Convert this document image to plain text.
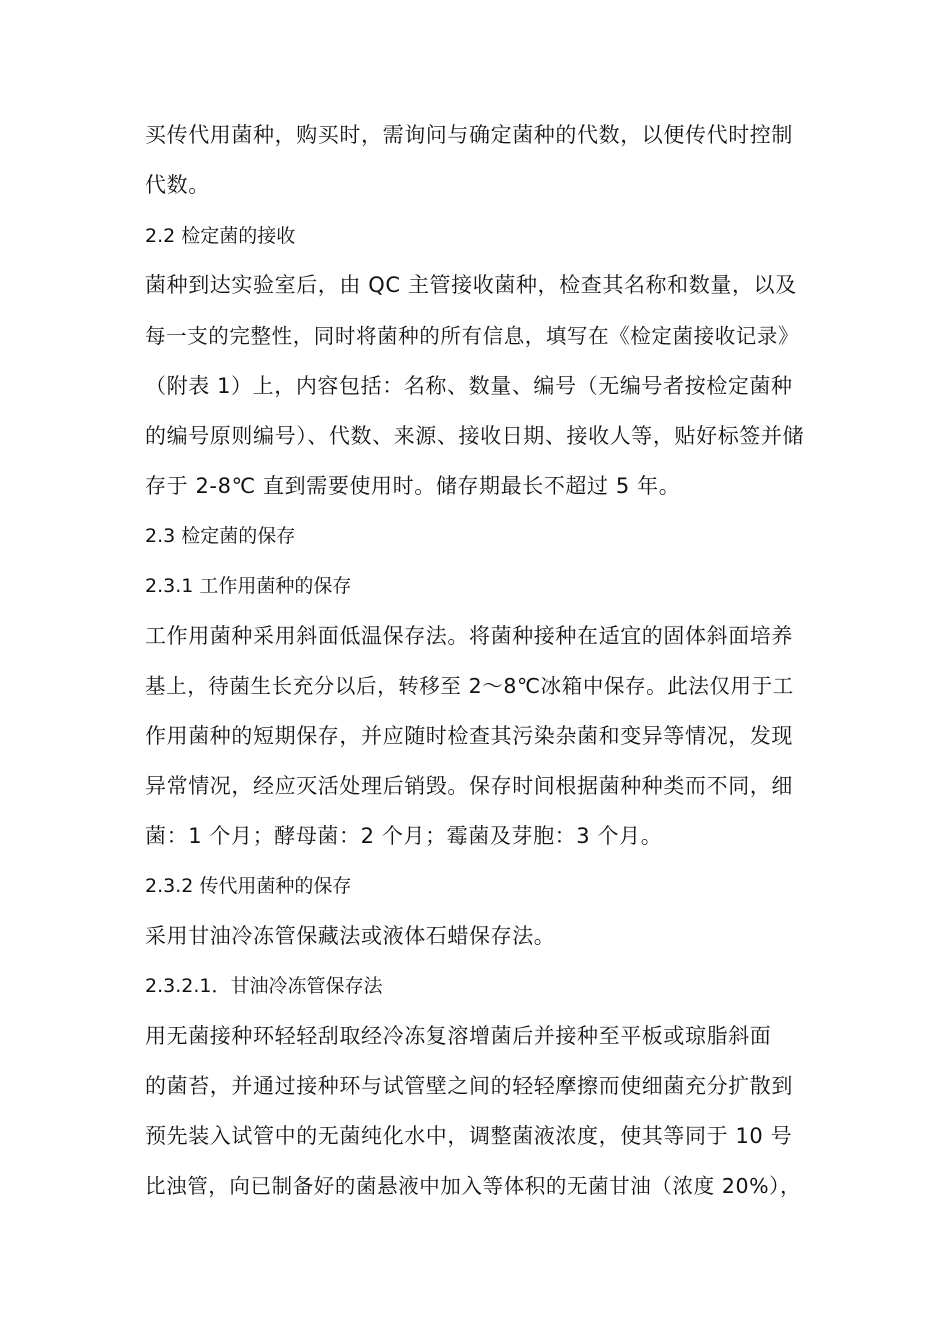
买传代用菌种，购买时，需询问与确定菌种的代数，以便传代时控制
代数。
2.2 检定菌的接收
菌种到达实验室后，由 QC 主管接收菌种，检查其名称和数量，以及
每一支的完整性，同时将菌种的所有信息，填写在《检定菌接收记录》
（附表 1）上，内容包括：名称、数量、编号（无编号者按检定菌种
的编号原则编号）、代数、来源、接收日期、接收人等，贴好标签并储
存于 2-8℃ 直到需要使用时。储存期最长不超过 5 年。
2.3 检定菌的保存
2.3.1 工作用菌种的保存
工作用菌种采用斜面低温保存法。将菌种接种在适宜的固体斜面培养
基上，待菌生长充分以后，转移至 2～8℃冰箱中保存。此法仅用于工
作用菌种的短期保存，并应随时检查其污染杂菌和变异等情况，发现
异常情况，经应灭活处理后销毁。保存时间根据菌种种类而不同，细
菌：1 个月；酵母菌：2 个月；霉菌及芽胞：3 个月。
2.3.2 传代用菌种的保存
采用甘油冷冻管保藏法或液体石蜡保存法。
2.3.2.1．甘油冷冻管保存法
用无菌接种环轻轻刮取经冷冻复溶增菌后并接种至平板或琼脂斜面
的菌苔，并通过接种环与试管壁之间的轻轻摩擦而使细菌充分扩散到
预先装入试管中的无菌纯化水中，调整菌液浓度，使其等同于 10 号
比浊管，向已制备好的菌悬液中加入等体积的无菌甘油（浓度 20%），
